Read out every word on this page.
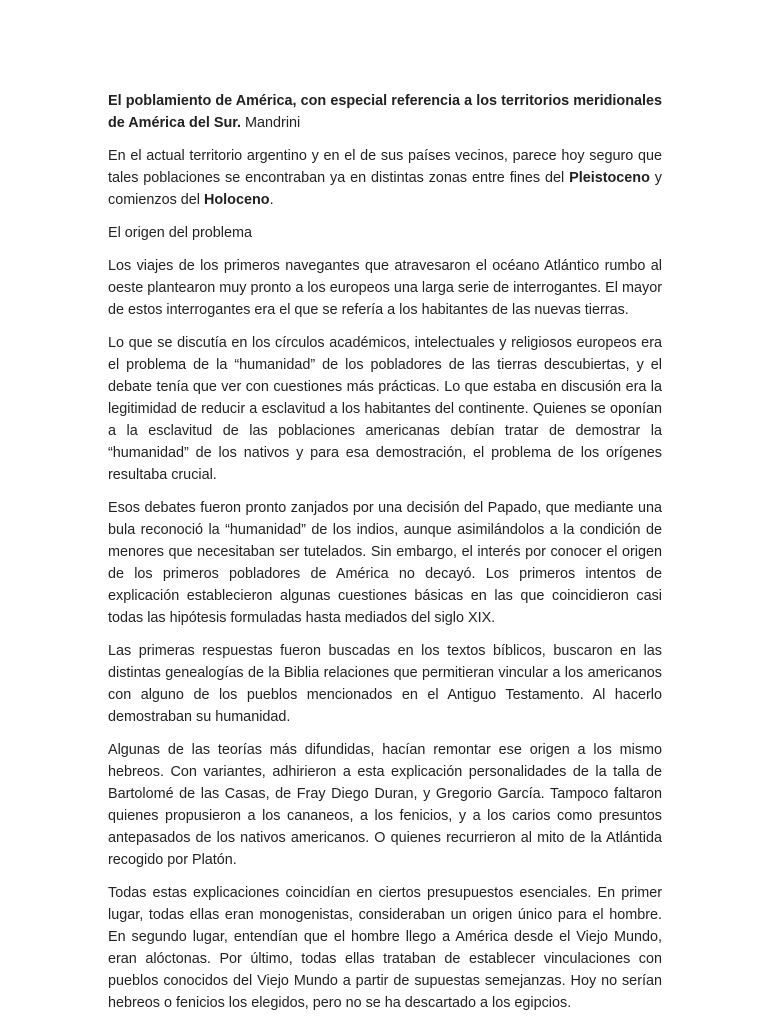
El poblamiento de América, con especial referencia a los territorios meridionales de América del Sur. Mandrini

En el actual territorio argentino y en el de sus países vecinos, parece hoy seguro que tales poblaciones se encontraban ya en distintas zonas entre fines del Pleistoceno y comienzos del Holoceno.

El origen del problema

Los viajes de los primeros navegantes que atravesaron el océano Atlántico rumbo al oeste plantearon muy pronto a los europeos una larga serie de interrogantes. El mayor de estos interrogantes era el que se refería a los habitantes de las nuevas tierras.

Lo que se discutía en los círculos académicos, intelectuales y religiosos europeos era el problema de la “humanidad” de los pobladores de las tierras descubiertas, y el debate tenía que ver con cuestiones más prácticas. Lo que estaba en discusión era la legitimidad de reducir a esclavitud a los habitantes del continente. Quienes se oponían a la esclavitud de las poblaciones americanas debían tratar de demostrar la “humanidad” de los nativos y para esa demostración, el problema de los orígenes resultaba crucial.

Esos debates fueron pronto zanjados por una decisión del Papado, que mediante una bula reconoció la “humanidad” de los indios, aunque asimilándolos a la condición de menores que necesitaban ser tutelados. Sin embargo, el interés por conocer el origen de los primeros pobladores de América no decayó. Los primeros intentos de explicación establecieron algunas cuestiones básicas en las que coincidieron casi todas las hipótesis formuladas hasta mediados del siglo XIX.

Las primeras respuestas fueron buscadas en los textos bíblicos, buscaron en las distintas genealogías de la Biblia relaciones que permitieran vincular a los americanos con alguno de los pueblos mencionados en el Antiguo Testamento. Al hacerlo demostraban su humanidad.

Algunas de las teorías más difundidas, hacían remontar ese origen a los mismo hebreos. Con variantes, adhirieron a esta explicación personalidades de la talla de Bartolomé de las Casas, de Fray Diego Duran, y Gregorio García. Tampoco faltaron quienes propusieron a los cananeos, a los fenicios, y a los carios como presuntos antepasados de los nativos americanos. O quienes recurrieron al mito de la Atlántida recogido por Platón.

Todas estas explicaciones coincidían en ciertos presupuestos esenciales. En primer lugar, todas ellas eran monogenistas, consideraban un origen único para el hombre. En segundo lugar, entendían que el hombre llego a América desde el Viejo Mundo, eran alóctonas. Por último, todas ellas trataban de establecer vinculaciones con pueblos conocidos del Viejo Mundo a partir de supuestas semejanzas. Hoy no serían hebreos o fenicios los elegidos, pero no se ha descartado a los egipcios.
